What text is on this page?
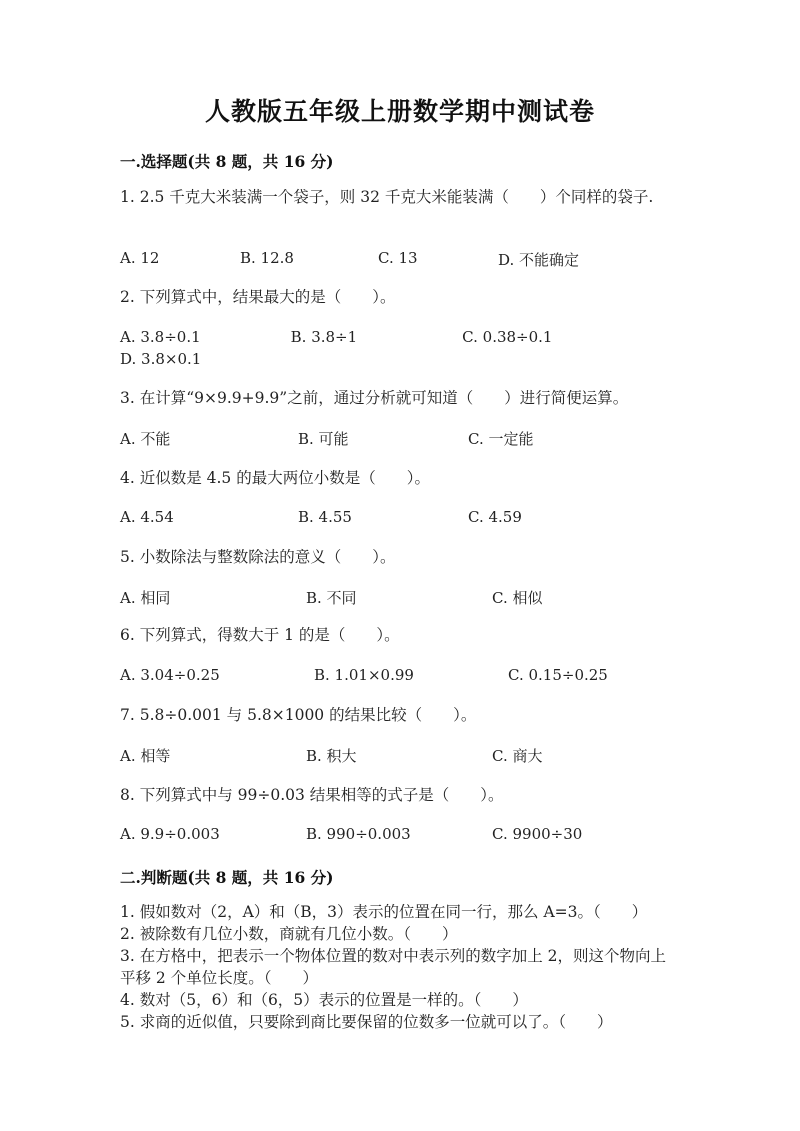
人教版五年级上册数学期中测试卷
一.选择题(共 8 题，共 16 分)
1. 2.5 千克大米装满一个袋子，则 32 千克大米能装满（　　）个同样的袋子.
A. 12	B. 12.8	C. 13	D. 不能确定
2. 下列算式中，结果最大的是（　　）。
A. 3.8÷0.1　　　　　　B. 3.8÷1　　　　　　　C. 0.38÷0.1　　　　　　　　D. 3.8×0.1
3. 在计算“9×9.9+9.9”之前，通过分析就可知道（　　）进行简便运算。
A. 不能	B. 可能	C. 一定能
4. 近似数是 4.5 的最大两位小数是（　　）。
A. 4.54	B. 4.55	C. 4.59
5. 小数除法与整数除法的意义（　　）。
A. 相同	B. 不同	C. 相似
6. 下列算式，得数大于 1 的是（　　）。
A. 3.04÷0.25	B. 1.01×0.99	C. 0.15÷0.25
7. 5.8÷0.001 与 5.8×1000 的结果比较（　　）。
A. 相等	B. 积大	C. 商大
8. 下列算式中与 99÷0.03 结果相等的式子是（　　）。
A. 9.9÷0.003	B. 990÷0.003	C. 9900÷30
二.判断题(共 8 题，共 16 分)
1. 假如数对（2，A）和（B，3）表示的位置在同一行，那么 A=3。（　　）
2. 被除数有几位小数，商就有几位小数。（　　）
3. 在方格中，把表示一个物体位置的数对中表示列的数字加上 2，则这个物向上平移 2 个单位长度。（　　）
4. 数对（5，6）和（6，5）表示的位置是一样的。（　　）
5. 求商的近似值，只要除到商比要保留的位数多一位就可以了。（　　）
